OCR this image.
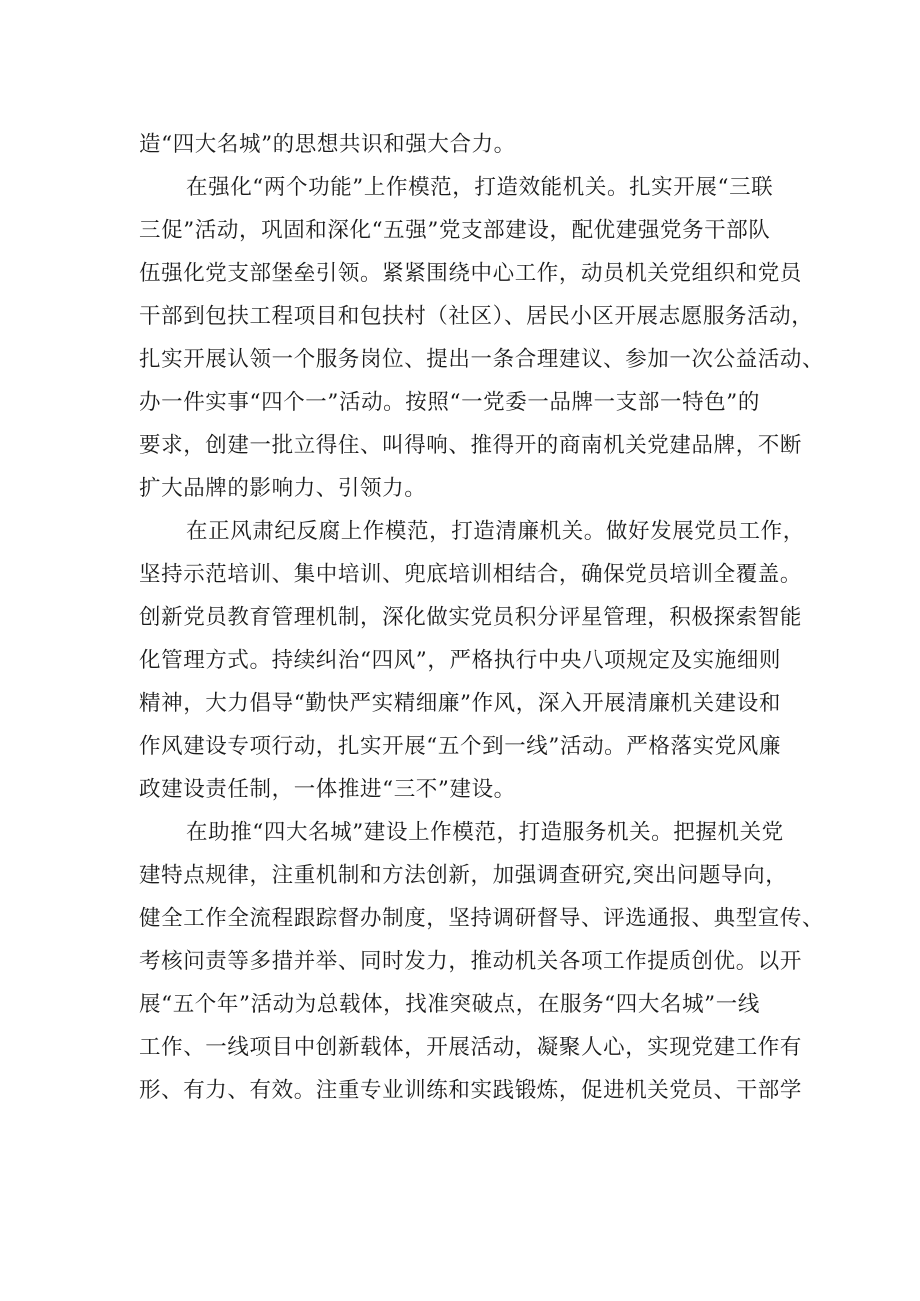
造“四大名城”的思想共识和强大合力。
在强化“两个功能”上作模范，打造效能机关。扎实开展“三联
三促”活动，巩固和深化“五强”党支部建设，配优建强党务干部队
伍强化党支部堡垒引领。紧紧围绕中心工作，动员机关党组织和党员
干部到包扶工程项目和包扶村（社区）、居民小区开展志愿服务活动，
扎实开展认领一个服务岗位、提出一条合理建议、参加一次公益活动、
办一件实事“四个一”活动。按照“一党委一品牌一支部一特色”的
要求，创建一批立得住、叫得响、推得开的商南机关党建品牌，不断
扩大品牌的影响力、引领力。
在正风肃纪反腐上作模范，打造清廉机关。做好发展党员工作，
坚持示范培训、集中培训、兜底培训相结合，确保党员培训全覆盖。
创新党员教育管理机制，深化做实党员积分评星管理，积极探索智能
化管理方式。持续纠治“四风”，严格执行中央八项规定及实施细则
精神，大力倡导“勤快严实精细廉”作风，深入开展清廉机关建设和
作风建设专项行动，扎实开展“五个到一线”活动。严格落实党风廉
政建设责任制，一体推进“三不”建设。
在助推“四大名城”建设上作模范，打造服务机关。把握机关党
建特点规律，注重机制和方法创新，加强调查研究,突出问题导向，
健全工作全流程跟踪督办制度，坚持调研督导、评选通报、典型宣传、
考核问责等多措并举、同时发力，推动机关各项工作提质创优。以开
展“五个年”活动为总载体，找准突破点，在服务“四大名城”一线
工作、一线项目中创新载体，开展活动，凝聚人心，实现党建工作有
形、有力、有效。注重专业训练和实践锻炼，促进机关党员、干部学
